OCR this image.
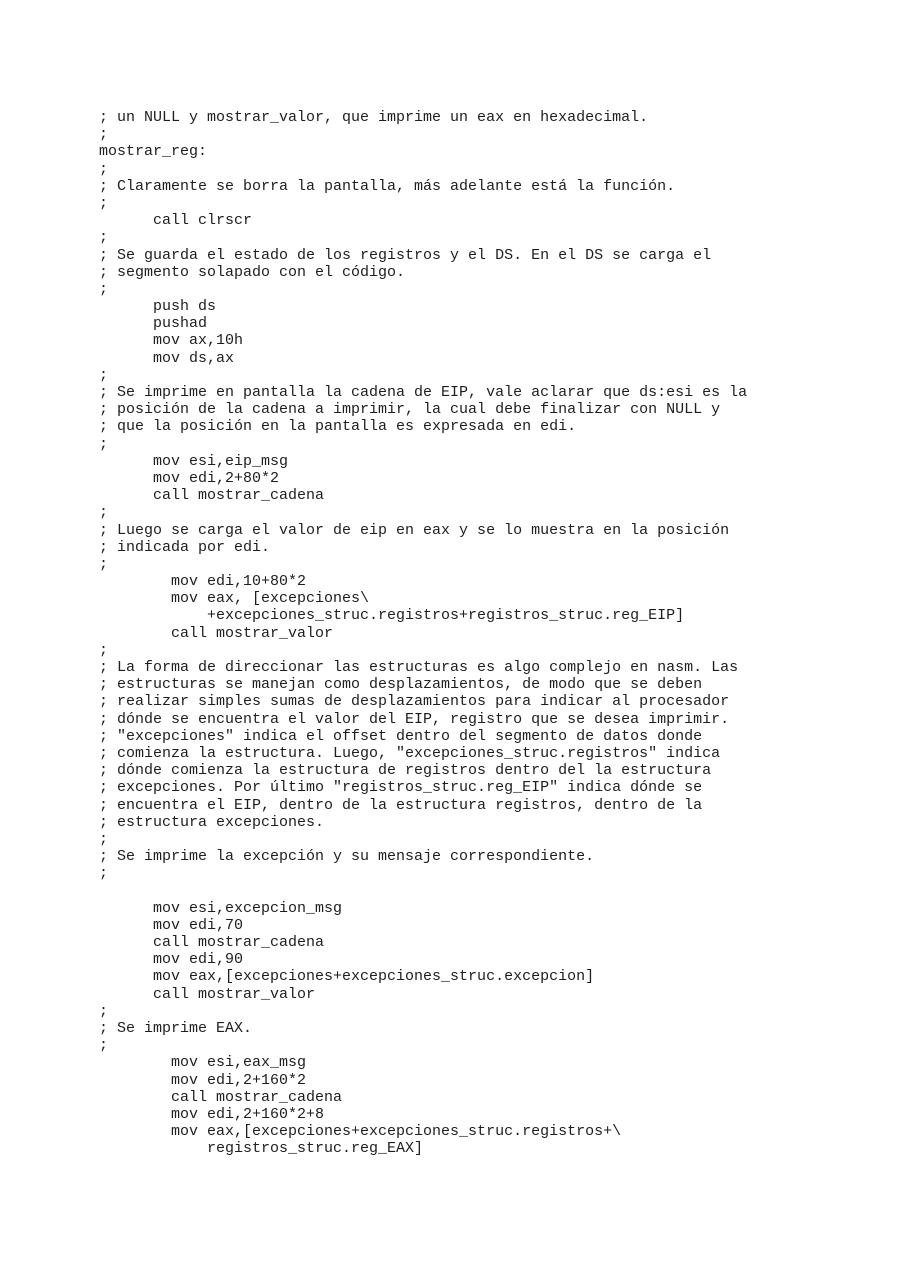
; un NULL y mostrar_valor, que imprime un eax en hexadecimal.
;
mostrar_reg:
;
; Claramente se borra la pantalla, más adelante está la función.
;
call clrscr
;
; Se guarda el estado de los registros y el DS. En el DS se carga el
; segmento solapado con el código.
;
push ds
pushad
mov ax,10h
mov ds,ax
;
; Se imprime en pantalla la cadena de EIP, vale aclarar que ds:esi es la
; posición de la cadena a imprimir, la cual debe finalizar con NULL y
; que la posición en la pantalla es expresada en edi.
;
mov esi,eip_msg
mov edi,2+80*2
call mostrar_cadena
;
; Luego se carga el valor de eip en eax y se lo muestra en la posición
; indicada por edi.
;
mov edi,10+80*2
mov eax, [excepciones\
+excepciones_struc.registros+registros_struc.reg_EIP]
call mostrar_valor
;
; La forma de direccionar las estructuras es algo complejo en nasm. Las
; estructuras se manejan como desplazamientos, de modo que se deben
; realizar simples sumas de desplazamientos para indicar al procesador
; dónde se encuentra el valor del EIP, registro que se desea imprimir.
; "excepciones" indica el offset dentro del segmento de datos donde
; comienza la estructura. Luego, "excepciones_struc.registros" indica
; dónde comienza la estructura de registros dentro del la estructura
; excepciones. Por último "registros_struc.reg_EIP" indica dónde se
; encuentra el EIP, dentro de la estructura registros, dentro de la
; estructura excepciones.
;
; Se imprime la excepción y su mensaje correspondiente.
;
mov esi,excepcion_msg
mov edi,70
call mostrar_cadena
mov edi,90
mov eax,[excepciones+excepciones_struc.excepcion]
call mostrar_valor
;
; Se imprime EAX.
;
mov esi,eax_msg
mov edi,2+160*2
call mostrar_cadena
mov edi,2+160*2+8
mov eax,[excepciones+excepciones_struc.registros+\
registros_struc.reg_EAX]
